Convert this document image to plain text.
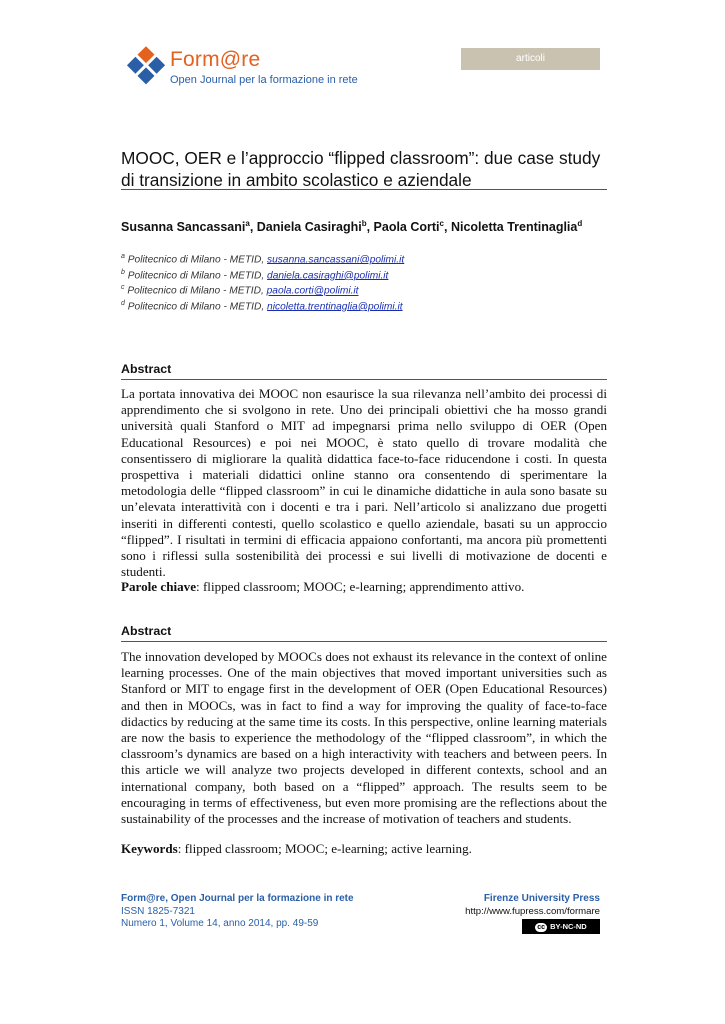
Form@re
Open Journal per la formazione in rete
articoli
MOOC, OER e l’approccio “flipped classroom”: due case study di transizione in ambito scolastico e aziendale
Susanna Sancassani$^a$, Daniela Casiraghi$^b$, Paola Corti$^c$, Nicoletta Trentinaglia$^d$
$^a$ Politecnico di Milano - METID, susanna.sancassani@polimi.it
$^b$ Politecnico di Milano - METID, daniela.casiraghi@polimi.it
$^c$ Politecnico di Milano - METID, paola.corti@polimi.it
$^d$ Politecnico di Milano - METID, nicoletta.trentinaglia@polimi.it
Abstract

La portata innovativa dei MOOC non esaurisce la sua rilevanza nell’ambito dei processi di apprendimento che si svolgono in rete. Uno dei principali obiettivi che ha mosso grandi università quali Stanford o MIT ad impegnarsi prima nello sviluppo di OER (Open Educational Resources) e poi nei MOOC, è stato quello di trovare modalità che consentissero di migliorare la qualità didattica face-to-face riducendone i costi. In questa prospettiva i materiali didattici online stanno ora consentendo di sperimentare la metodologia delle “flipped classroom” in cui le dinamiche didattiche in aula sono basate su un’elevata interattività con i docenti e tra i pari. Nell’articolo si analizzano due progetti inseriti in differenti contesti, quello scolastico e quello aziendale, basati su un approccio “flipped”. I risultati in termini di efficacia appaiono confortanti, ma ancora più promettenti sono i riflessi sulla sostenibilità dei processi e sui livelli di motivazione de docenti e studenti.

Parole chiave: flipped classroom; MOOC; e-learning; apprendimento attivo.
Abstract

The innovation developed by MOOCs does not exhaust its relevance in the context of online learning processes. One of the main objectives that moved important universities such as Stanford or MIT to engage first in the development of OER (Open Educational Resources) and then in MOOCs, was in fact to find a way for improving the quality of face-to-face didactics by reducing at the same time its costs. In this perspective, online learning materials are now the basis to experience the methodology of the “flipped classroom”, in which the classroom’s dynamics are based on a high interactivity with teachers and between peers. In this article we will analyze two projects developed in different contexts, school and an international company, both based on a “flipped” approach. The results seem to be encouraging in terms of effectiveness, but even more promising are the reflections about the sustainability of the processes and the increase of motivation of teachers and students.

Keywords: flipped classroom; MOOC; e-learning; active learning.
Form@re, Open Journal per la formazione in rete
ISSN 1825-7321
Numero 1, Volume 14, anno 2014, pp. 49-59
Firenze University Press
http://www.fupress.com/formare
cc BY-NC-ND
